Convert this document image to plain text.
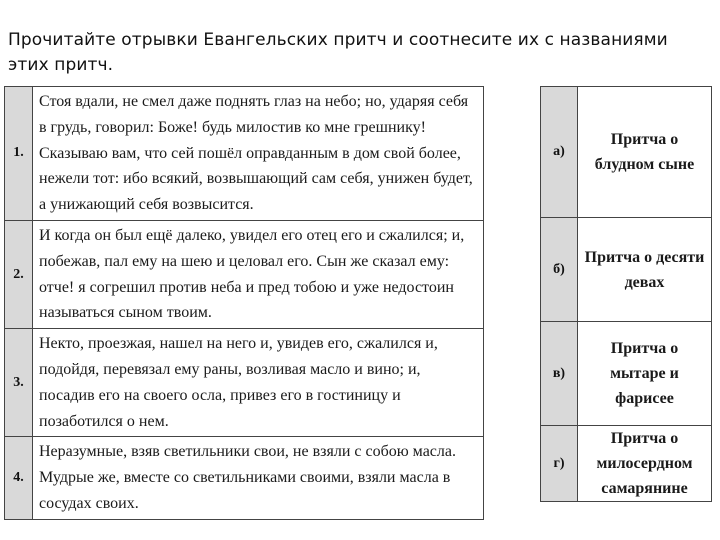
Прочитайте отрывки Евангельских притч и соотнесите их с названиями этих притч.
1.	Стоя вдали, не смел даже поднять глаз на небо; но, ударяя себя в грудь, говорил: Боже! будь милостив ко мне грешнику! Сказываю вам, что сей пошёл оправданным в дом свой более, нежели тот: ибо всякий, возвышающий сам себя, унижен будет, а унижающий себя возвысится.
2.	И когда он был ещё далеко, увидел его отец его и сжалился; и, побежав, пал ему на шею и целовал его. Сын же сказал ему: отче! я согрешил против неба и пред тобою и уже недостоин называться сыном твоим.
3.	Некто, проезжая, нашел на него и, увидев его, сжалился и, подойдя, перевязал ему раны, возливая масло и вино; и, посадив его на своего осла, привез его в гостиницу и позаботился о нем.
4.	Неразумные, взяв светильники свои, не взяли с собою масла. Мудрые же, вместе со светильниками своими, взяли масла в сосудах своих.
а)	Притча о блудном сыне
б)	Притча о десяти девах
в)	Притча о мытаре и фарисее
г)	Притча о милосердном самарянине
